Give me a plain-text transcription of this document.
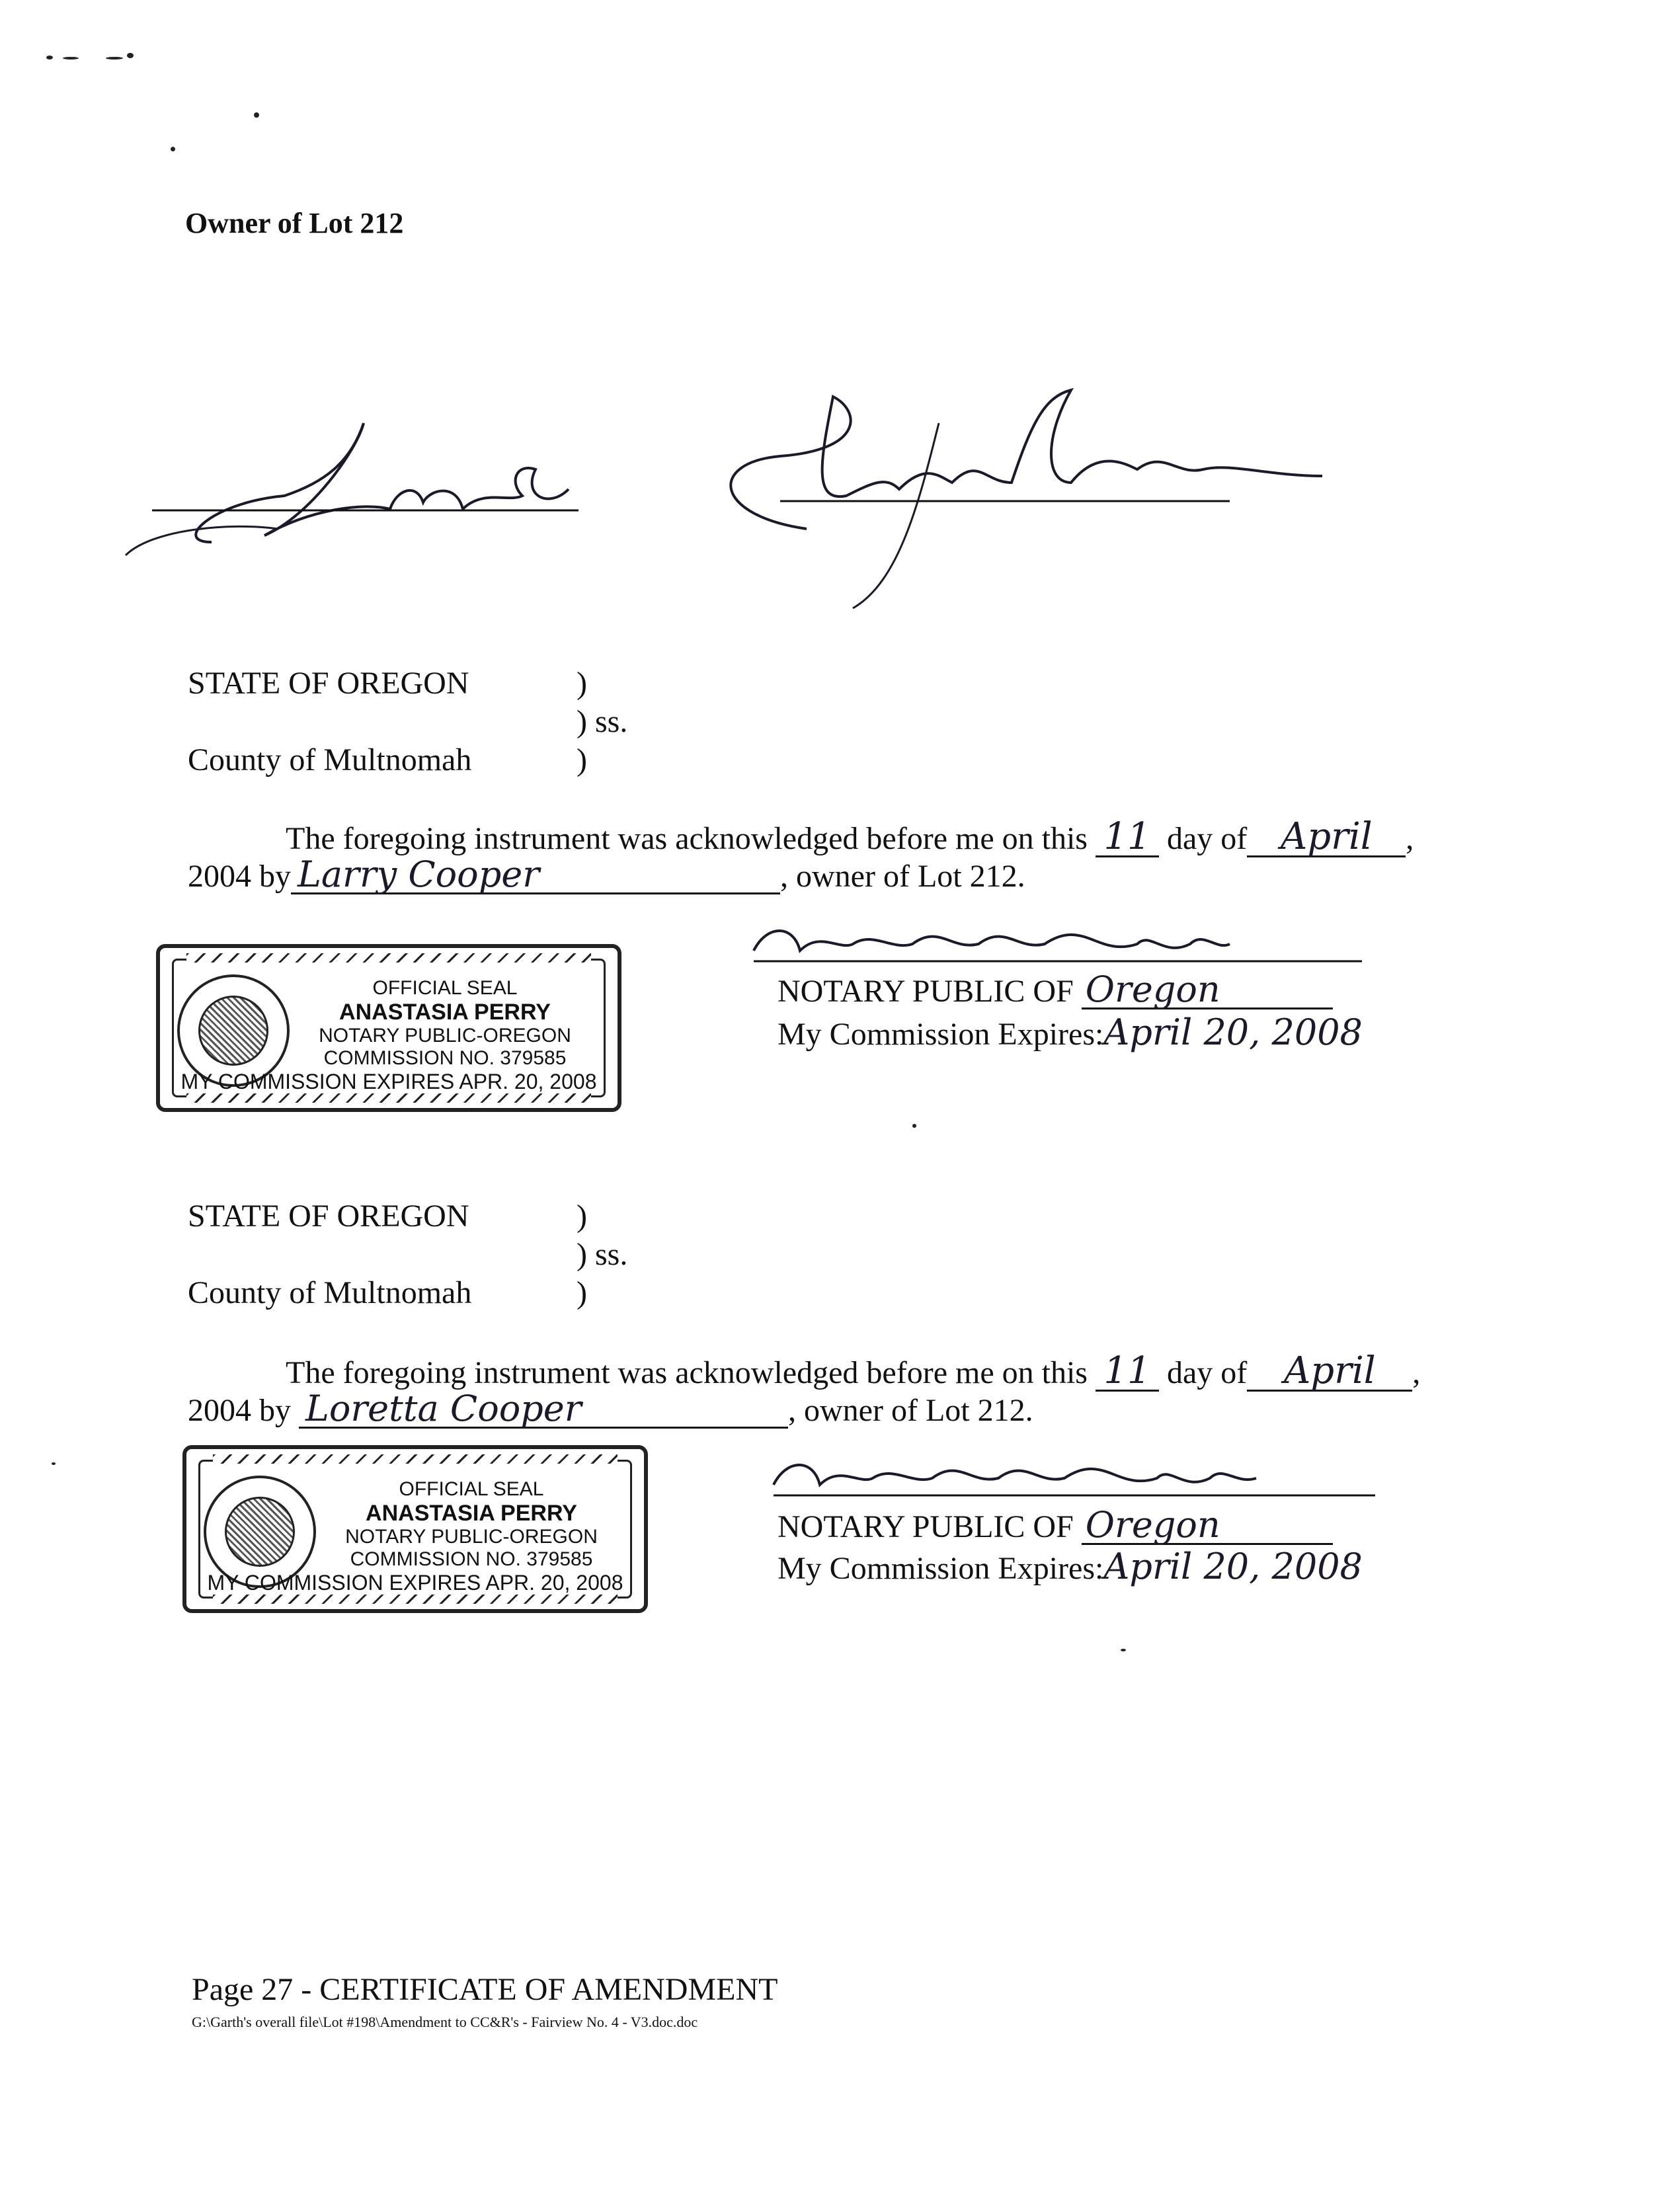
Owner of Lot 212
STATE OF OREGON	)
) ss.
County of Multnomah	)
The foregoing instrument was acknowledged before me on this 11 day of April ,
2004 by Larry Cooper	, owner of Lot 212.
OFFICIAL SEAL
ANASTASIA PERRY
NOTARY PUBLIC-OREGON
COMMISSION NO. 379585
MY COMMISSION EXPIRES APR. 20, 2008
NOTARY PUBLIC OF Oregon
My Commission Expires:April 20, 2008
STATE OF OREGON	)
) ss.
County of Multnomah	)
The foregoing instrument was acknowledged before me on this 11 day of April ,
2004 by Loretta Cooper	, owner of Lot 212.
OFFICIAL SEAL
ANASTASIA PERRY
NOTARY PUBLIC-OREGON
COMMISSION NO. 379585
MY COMMISSION EXPIRES APR. 20, 2008
NOTARY PUBLIC OF Oregon
My Commission Expires:April 20, 2008
Page 27 - CERTIFICATE OF AMENDMENT
G:\Garth's overall file\Lot #198\Amendment to CC&R's - Fairview No. 4 - V3.doc.doc
